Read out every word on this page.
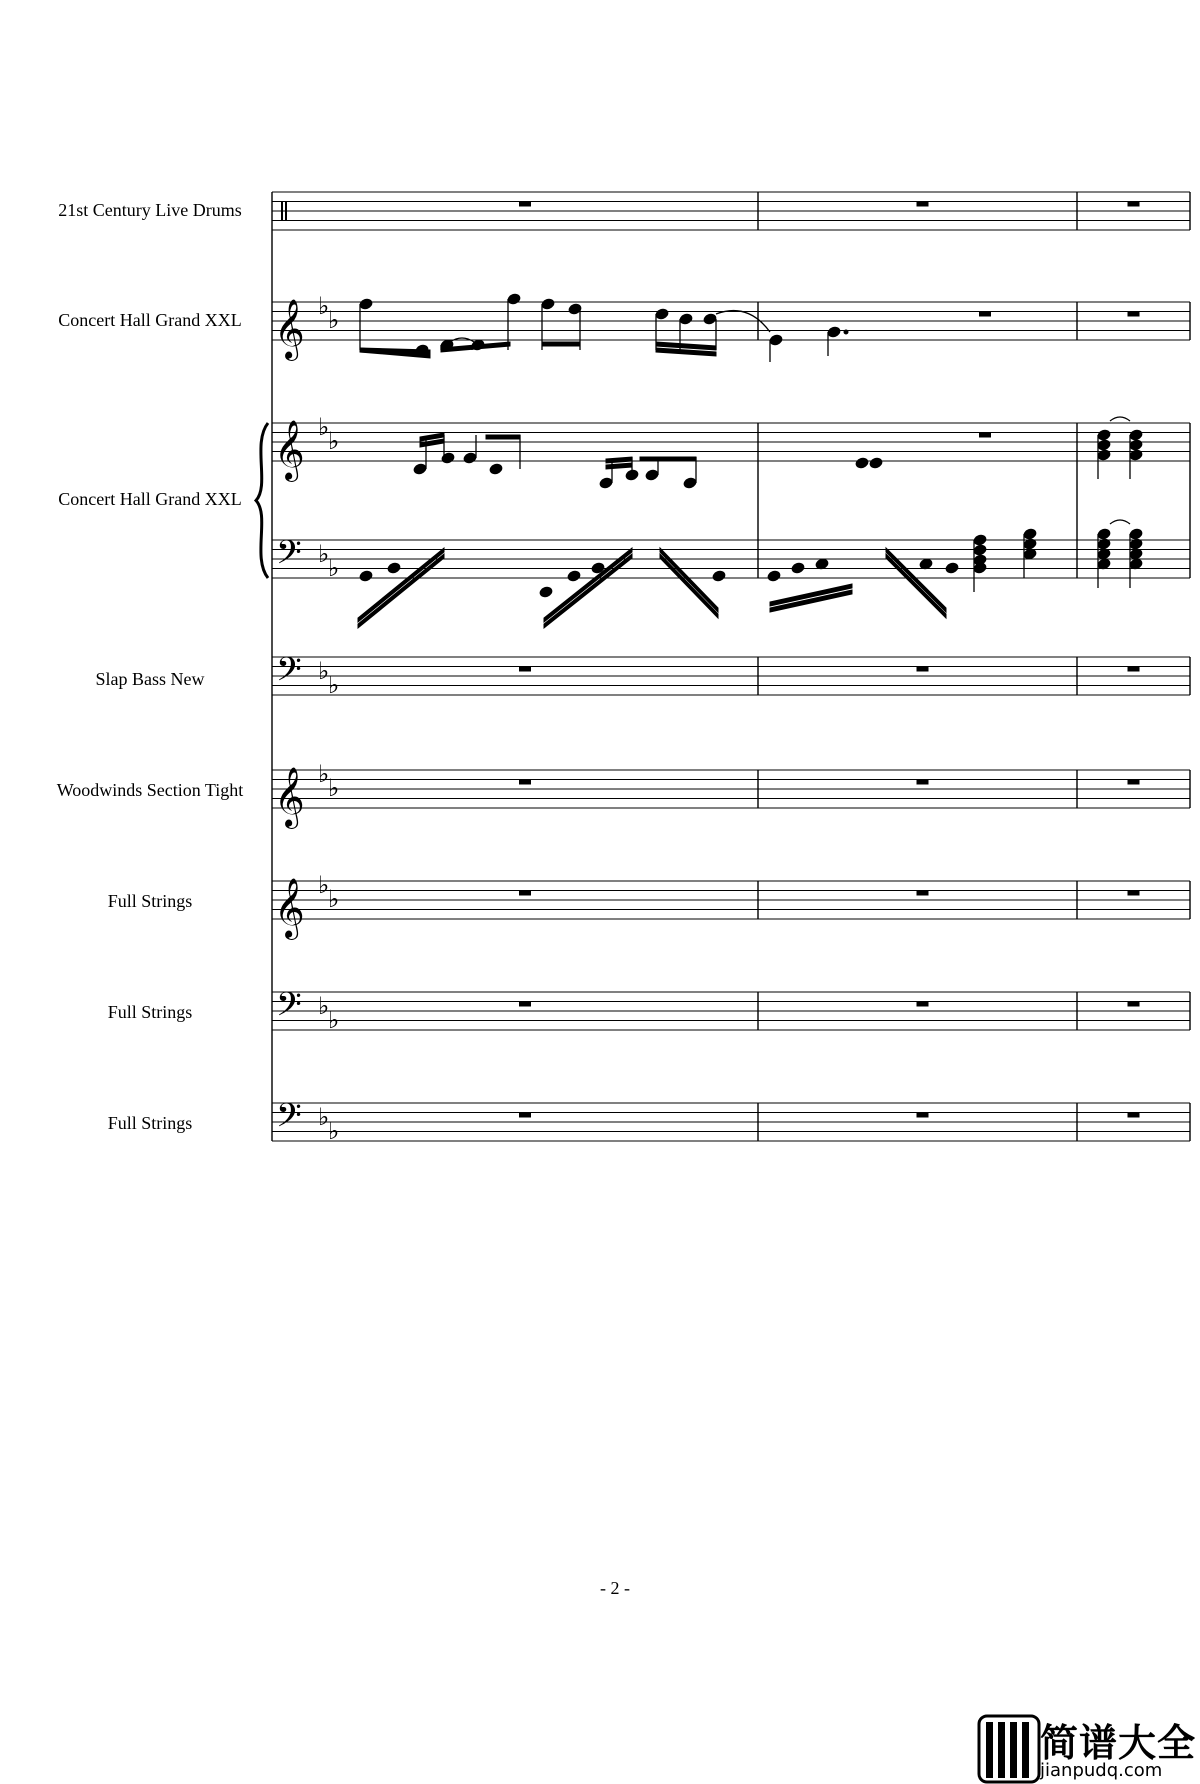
21st Century Live Drums
Concert Hall Grand XXL
Concert Hall Grand XXL
Slap Bass New
Woodwinds Section Tight
Full Strings
Full Strings
Full Strings
𝄞 ♭
♭
𝄞 ♭
♭
𝄞 ♭
♭
𝄞 ♭
♭
𝄢 ♭
♭
𝄢 ♭
♭
𝄢 ♭
♭
𝄢 ♭
♭
- 2 -
简谱大全
jianpudq.com
